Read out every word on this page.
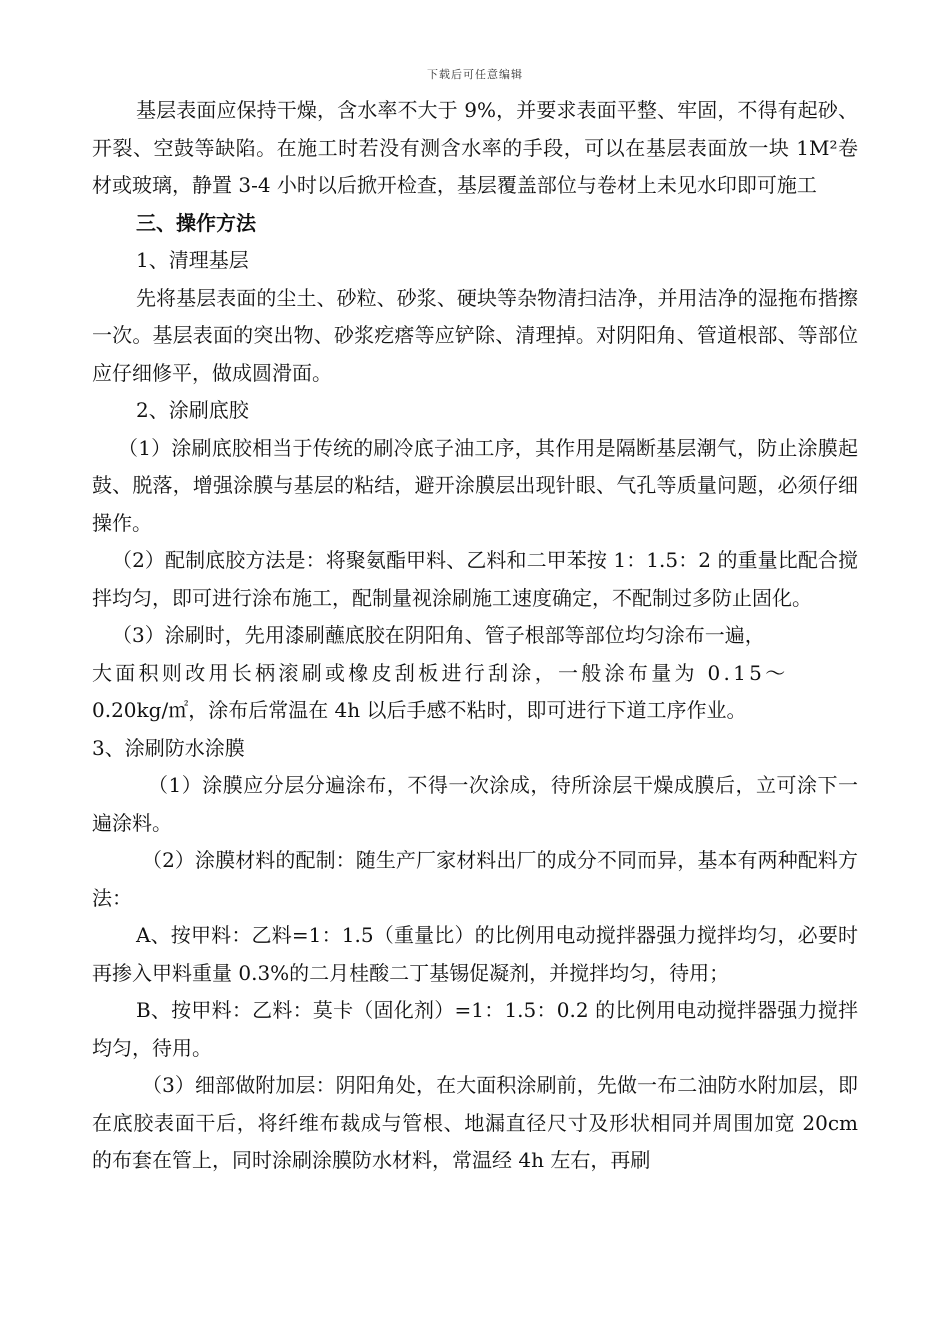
下载后可任意编辑

基层表面应保持干燥，含水率不大于 9%，并要求表面平整、牢固，不得有起砂、开裂、空鼓等缺陷。在施工时若没有测含水率的手段，可以在基层表面放一块 1M²卷材或玻璃，静置 3-4 小时以后掀开检查，基层覆盖部位与卷材上未见水印即可施工

三、操作方法

1、清理基层

先将基层表面的尘土、砂粒、砂浆、硬块等杂物清扫洁净，并用洁净的湿拖布揩擦一次。基层表面的突出物、砂浆疙瘩等应铲除、清理掉。对阴阳角、管道根部、等部位应仔细修平，做成圆滑面。

2、涂刷底胶

（1）涂刷底胶相当于传统的刷冷底子油工序，其作用是隔断基层潮气，防止涂膜起鼓、脱落，增强涂膜与基层的粘结，避开涂膜层出现针眼、气孔等质量问题，必须仔细操作。

（2）配制底胶方法是：将聚氨酯甲料、乙料和二甲苯按 1：1.5：2 的重量比配合搅拌均匀，即可进行涂布施工，配制量视涂刷施工速度确定，不配制过多防止固化。

（3）涂刷时，先用漆刷蘸底胶在阴阳角、管子根部等部位均匀涂布一遍，

大面积则改用长柄滚刷或橡皮刮板进行刮涂，一般涂布量为 0.15～

0.20kg/㎡，涂布后常温在 4h 以后手感不粘时，即可进行下道工序作业。

3、涂刷防水涂膜

（1）涂膜应分层分遍涂布，不得一次涂成，待所涂层干燥成膜后，立可涂下一遍涂料。

（2）涂膜材料的配制：随生产厂家材料出厂的成分不同而异，基本有两种配料方法：

A、按甲料：乙料=1：1.5（重量比）的比例用电动搅拌器强力搅拌均匀，必要时再掺入甲料重量 0.3%的二月桂酸二丁基锡促凝剂，并搅拌均匀，待用；

B、按甲料：乙料：莫卡（固化剂）=1：1.5：0.2 的比例用电动搅拌器强力搅拌均匀，待用。

（3）细部做附加层：阴阳角处，在大面积涂刷前，先做一布二油防水附加层，即在底胶表面干后，将纤维布裁成与管根、地漏直径尺寸及形状相同并周围加宽 20cm 的布套在管上，同时涂刷涂膜防水材料，常温经 4h 左右，再刷
